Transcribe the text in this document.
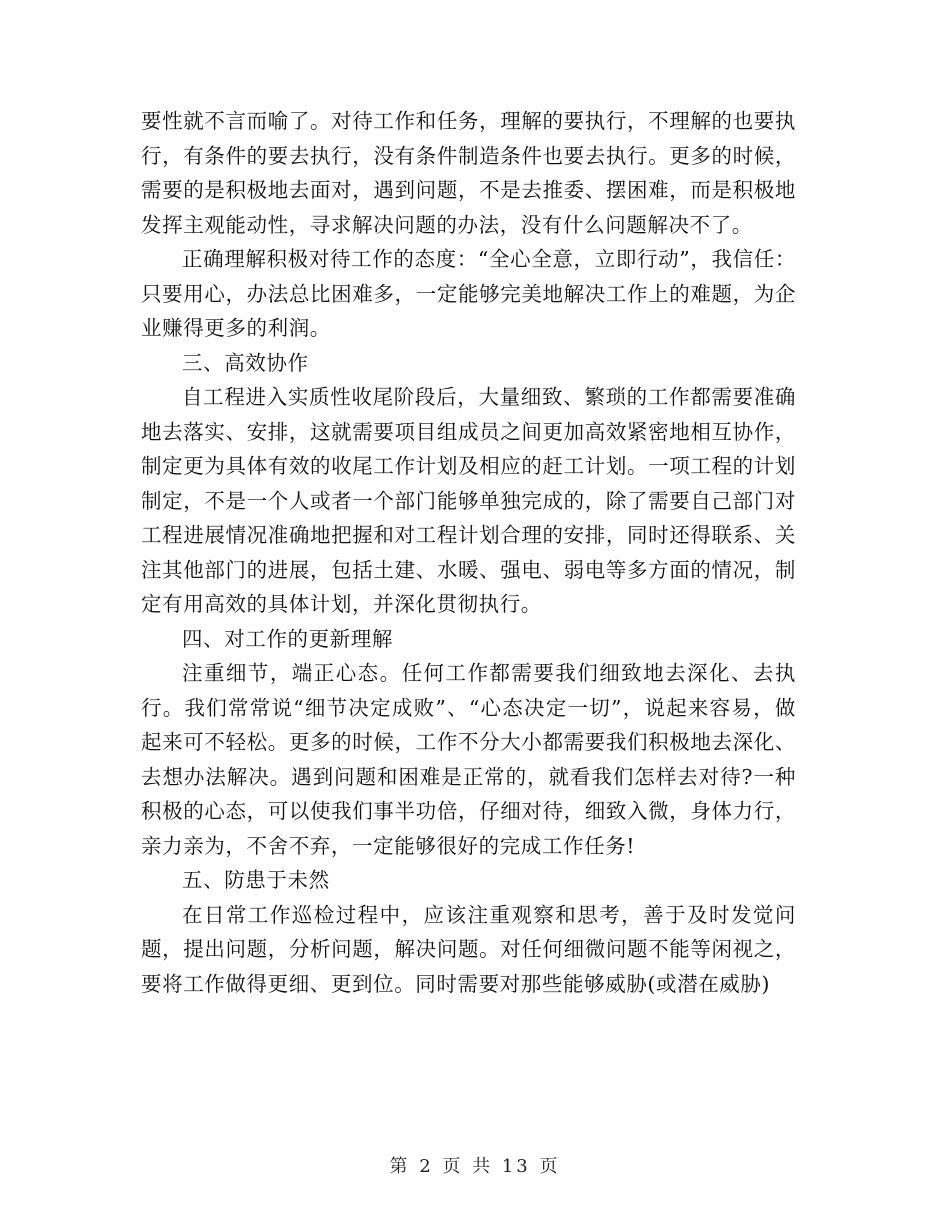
要性就不言而喻了。对待工作和任务，理解的要执行，不理解的也要执行，有条件的要去执行，没有条件制造条件也要去执行。更多的时候，需要的是积极地去面对，遇到问题，不是去推委、摆困难，而是积极地发挥主观能动性，寻求解决问题的办法，没有什么问题解决不了。

正确理解积极对待工作的态度：“全心全意，立即行动”，我信任：只要用心，办法总比困难多，一定能够完美地解决工作上的难题，为企业赚得更多的利润。

三、高效协作

自工程进入实质性收尾阶段后，大量细致、繁琐的工作都需要准确地去落实、安排，这就需要项目组成员之间更加高效紧密地相互协作，制定更为具体有效的收尾工作计划及相应的赶工计划。一项工程的计划制定，不是一个人或者一个部门能够单独完成的，除了需要自己部门对工程进展情况准确地把握和对工程计划合理的安排，同时还得联系、关注其他部门的进展，包括土建、水暖、强电、弱电等多方面的情况，制定有用高效的具体计划，并深化贯彻执行。

四、对工作的更新理解

注重细节，端正心态。任何工作都需要我们细致地去深化、去执行。我们常常说“细节决定成败”、“心态决定一切”，说起来容易，做起来可不轻松。更多的时候，工作不分大小都需要我们积极地去深化、去想办法解决。遇到问题和困难是正常的，就看我们怎样去对待?一种积极的心态，可以使我们事半功倍，仔细对待，细致入微，身体力行，亲力亲为，不舍不弃，一定能够很好的完成工作任务!

五、防患于未然

在日常工作巡检过程中，应该注重观察和思考，善于及时发觉问题，提出问题，分析问题，解决问题。对任何细微问题不能等闲视之，要将工作做得更细、更到位。同时需要对那些能够威胁(或潜在威胁)

第 2 页 共 13 页
